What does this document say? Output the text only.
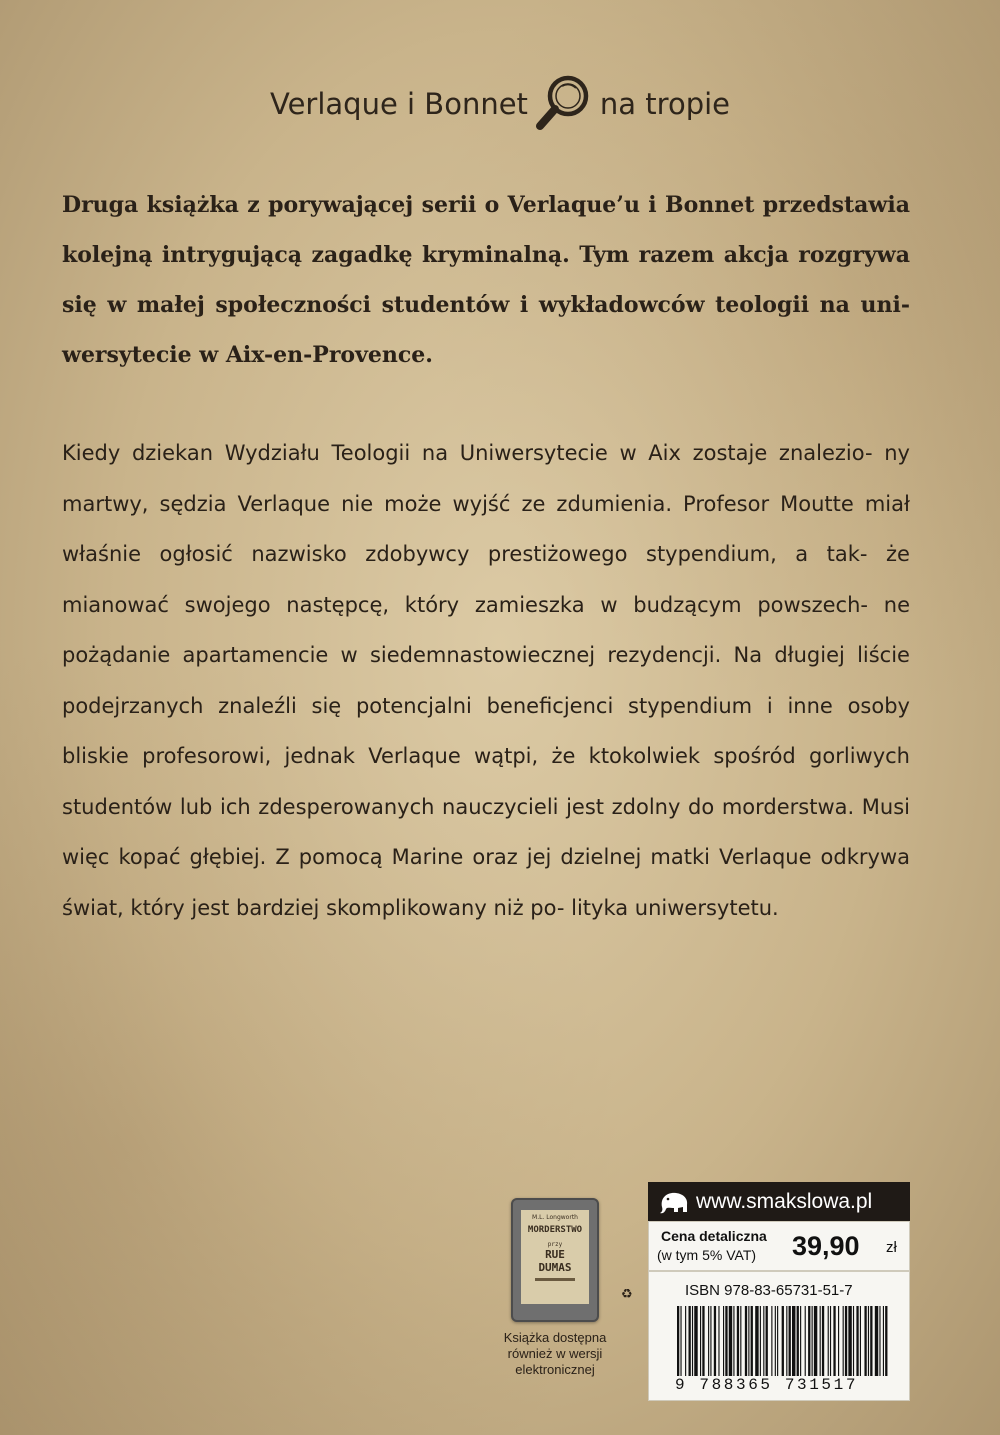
Verlaque i Bonnet na tropie

Druga książka z porywającej serii o Verlaque’u i Bonnet przedstawia kolejną intrygującą zagadkę kryminalną. Tym razem akcja rozgrywa się w małej społeczności studentów i wykładowców teologii na uni- wersytecie w Aix-en-Provence.

Kiedy dziekan Wydziału Teologii na Uniwersytecie w Aix zostaje znalezio- ny martwy, sędzia Verlaque nie może wyjść ze zdumienia. Profesor Moutte miał właśnie ogłosić nazwisko zdobywcy prestiżowego stypendium, a tak- że mianować swojego następcę, który zamieszka w budzącym powszech- ne pożądanie apartamencie w siedemnastowiecznej rezydencji. Na długiej liście podejrzanych znaleźli się potencjalni beneficjenci stypendium i inne osoby bliskie profesorowi, jednak Verlaque wątpi, że ktokolwiek spośród gorliwych studentów lub ich zdesperowanych nauczycieli jest zdolny do morderstwa. Musi więc kopać głębiej. Z pomocą Marine oraz jej dzielnej matki Verlaque odkrywa świat, który jest bardziej skomplikowany niż po- lityka uniwersytetu.

M.L. Longworth
MORDERSTWO
przy
RUE
DUMAS
Książka dostępna
również w wersji
elektronicznej
♻
www.smakslowa.pl
Cena detaliczna
(w tym 5% VAT) 39,90 zł
ISBN 978-83-65731-51-7
9 788365 731517
